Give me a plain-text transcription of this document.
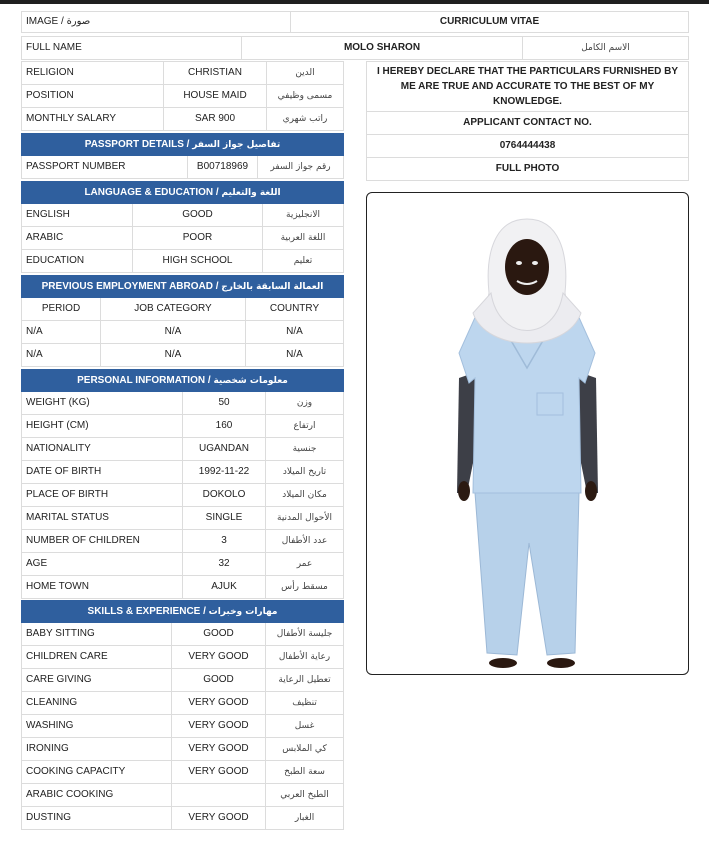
IMAGE / صورة	CURRICULUM VITAE
FULL NAME	MOLO SHARON	الاسم الكامل
RELIGION	CHRISTIAN	الدين
POSITION	HOUSE MAID	مسمى وظيفي
MONTHLY SALARY	SAR 900	راتب شهري
PASSPORT DETAILS / تفاصيل جواز السفر
PASSPORT NUMBER	B00718969	رقم جواز السفر
LANGUAGE & EDUCATION / اللغة والتعليم		
ENGLISH	GOOD	الانجليزية
ARABIC	POOR	اللغة العربية
EDUCATION	HIGH SCHOOL	تعليم
PREVIOUS EMPLOYMENT ABROAD / العمالة السابقة بالخارج		
PERIOD	JOB CATEGORY	COUNTRY
N/A	N/A	N/A
N/A	N/A	N/A
PERSONAL INFORMATION / معلومات شخصية		
WEIGHT (KG)	50	وزن
HEIGHT (CM)	160	ارتفاع
NATIONALITY	UGANDAN	جنسية
DATE OF BIRTH	1992-11-22	تاريخ الميلاد
PLACE OF BIRTH	DOKOLO	مكان الميلاد
MARITAL STATUS	SINGLE	الأحوال المدنية
NUMBER OF CHILDREN	3	عدد الأطفال
AGE	32	عمر
HOME TOWN	AJUK	مسقط رأس
SKILLS & EXPERIENCE / مهارات وخبرات		
BABY SITTING	GOOD	جليسة الأطفال
CHILDREN CARE	VERY GOOD	رعاية الأطفال
CARE GIVING	GOOD	تعطيل الرعاية
CLEANING	VERY GOOD	تنظيف
WASHING	VERY GOOD	غسل
IRONING	VERY GOOD	كي الملابس
COOKING CAPACITY	VERY GOOD	سعة الطبخ
ARABIC COOKING		الطبخ العربي
DUSTING	VERY GOOD	الغبار
I HEREBY DECLARE THAT THE PARTICULARS FURNISHED BY ME ARE TRUE AND ACCURATE TO THE BEST OF MY KNOWLEDGE.
APPLICANT CONTACT NO.
0764444438
FULL PHOTO
